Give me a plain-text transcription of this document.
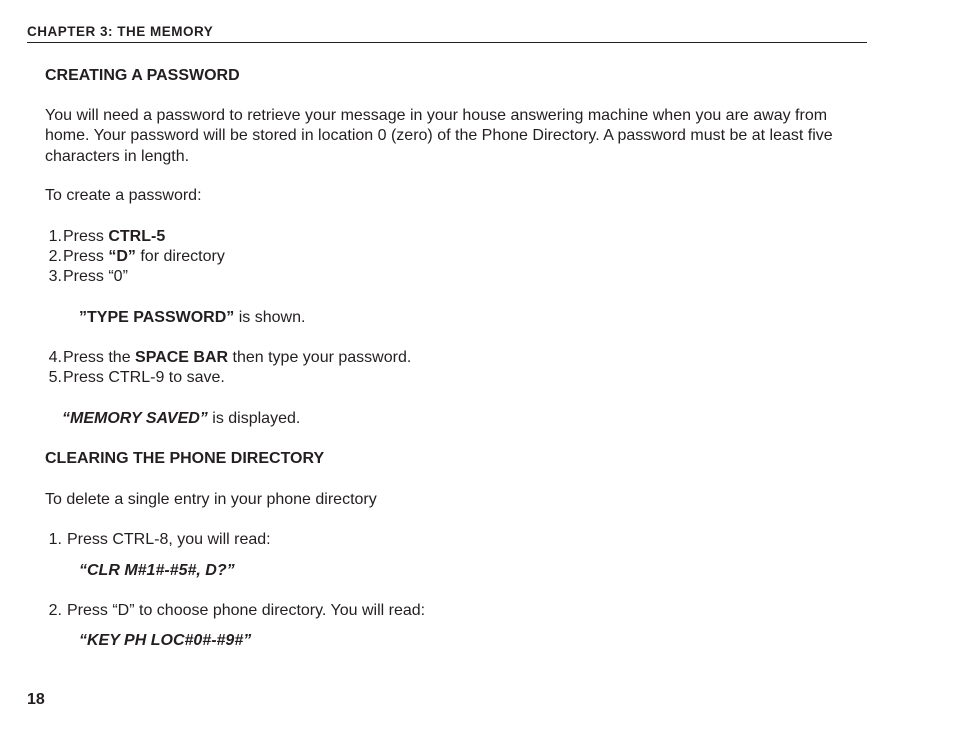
CHAPTER 3: THE MEMORY

CREATING A PASSWORD

You will need a password to retrieve your message in your house answering machine when you are away from home. Your password will be stored in location 0 (zero) of the Phone Directory. A password must be at least five characters in length.

To create a password:

1.Press CTRL-5

2.Press “D” for directory

3.Press “0”

”TYPE PASSWORD” is shown.

4.Press the SPACE BAR then type your password.

5.Press CTRL-9 to save.

“MEMORY SAVED” is displayed.

CLEARING THE PHONE DIRECTORY

To delete a single entry in your phone directory

1. Press CTRL-8, you will read:

“CLR M#1#-#5#, D?”

2. Press “D” to choose phone directory. You will read:

“KEY PH LOC#0#-#9#”

18
